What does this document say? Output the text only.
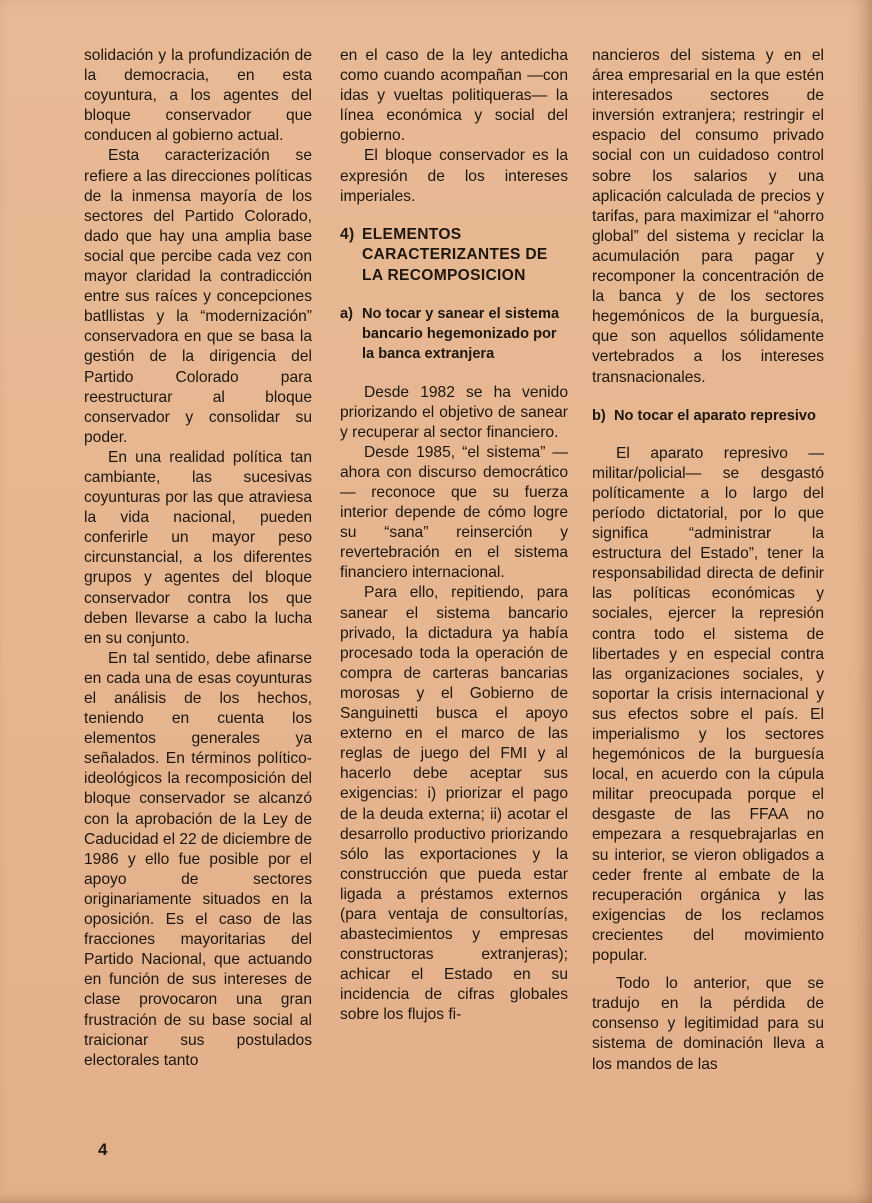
solidación y la profundización de la democracia, en esta coyuntura, a los agentes del bloque conservador que conducen al gobierno actual.

Esta caracterización se refiere a las direcciones políticas de la inmensa mayoría de los sectores del Partido Colorado, dado que hay una amplia base social que percibe cada vez con mayor claridad la contradicción entre sus raíces y concepciones batllistas y la “modernización” conservadora en que se basa la gestión de la dirigencia del Partido Colorado para reestructurar al bloque conservador y consolidar su poder.

En una realidad política tan cambiante, las sucesivas coyunturas por las que atraviesa la vida nacional, pueden conferirle un mayor peso circunstancial, a los diferentes grupos y agentes del bloque conservador contra los que deben llevarse a cabo la lucha en su conjunto.

En tal sentido, debe afinarse en cada una de esas coyunturas el análisis de los hechos, teniendo en cuenta los elementos generales ya señalados. En términos político-ideológicos la recomposición del bloque conservador se alcanzó con la aprobación de la Ley de Caducidad el 22 de diciembre de 1986 y ello fue posible por el apoyo de sectores originariamente situados en la oposición. Es el caso de las fracciones mayoritarias del Partido Nacional, que actuando en función de sus intereses de clase provocaron una gran frustración de su base social al traicionar sus postulados electorales tanto

en el caso de la ley antedicha como cuando acompañan —con idas y vueltas politiqueras— la línea económica y social del gobierno.

El bloque conservador es la expresión de los intereses imperiales.

4) ELEMENTOS CARACTERIZANTES DE LA RECOMPOSICION
a) No tocar y sanear el sistema bancario hegemonizado por la banca extranjera

Desde 1982 se ha venido priorizando el objetivo de sanear y recuperar al sector financiero.

Desde 1985, “el sistema” —ahora con discurso democrático— reconoce que su fuerza interior depende de cómo logre su “sana” reinserción y revertebración en el sistema financiero internacional.

Para ello, repitiendo, para sanear el sistema bancario privado, la dictadura ya había procesado toda la operación de compra de carteras bancarias morosas y el Gobierno de Sanguinetti busca el apoyo externo en el marco de las reglas de juego del FMI y al hacerlo debe aceptar sus exigencias: i) priorizar el pago de la deuda externa; ii) acotar el desarrollo productivo priorizando sólo las exportaciones y la construcción que pueda estar ligada a préstamos externos (para ventaja de consultorías, abastecimientos y empresas constructoras extranjeras); achicar el Estado en su incidencia de cifras globales sobre los flujos fi-

nancieros del sistema y en el área empresarial en la que estén interesados sectores de inversión extranjera; restringir el espacio del consumo privado social con un cuidadoso control sobre los salarios y una aplicación calculada de precios y tarifas, para maximizar el “ahorro global” del sistema y reciclar la acumulación para pagar y recomponer la concentración de la banca y de los sectores hegemónicos de la burguesía, que son aquellos sólidamente vertebrados a los intereses transnacionales.

b) No tocar el aparato represivo

El aparato represivo —militar/policial— se desgastó políticamente a lo largo del período dictatorial, por lo que significa “administrar la estructura del Estado”, tener la responsabilidad directa de definir las políticas económicas y sociales, ejercer la represión contra todo el sistema de libertades y en especial contra las organizaciones sociales, y soportar la crisis internacional y sus efectos sobre el país. El imperialismo y los sectores hegemónicos de la burguesía local, en acuerdo con la cúpula militar preocupada porque el desgaste de las FFAA no empezara a resquebrajarlas en su interior, se vieron obligados a ceder frente al embate de la recuperación orgánica y las exigencias de los reclamos crecientes del movimiento popular.

Todo lo anterior, que se tradujo en la pérdida de consenso y legitimidad para su sistema de dominación lleva a los mandos de las

4
